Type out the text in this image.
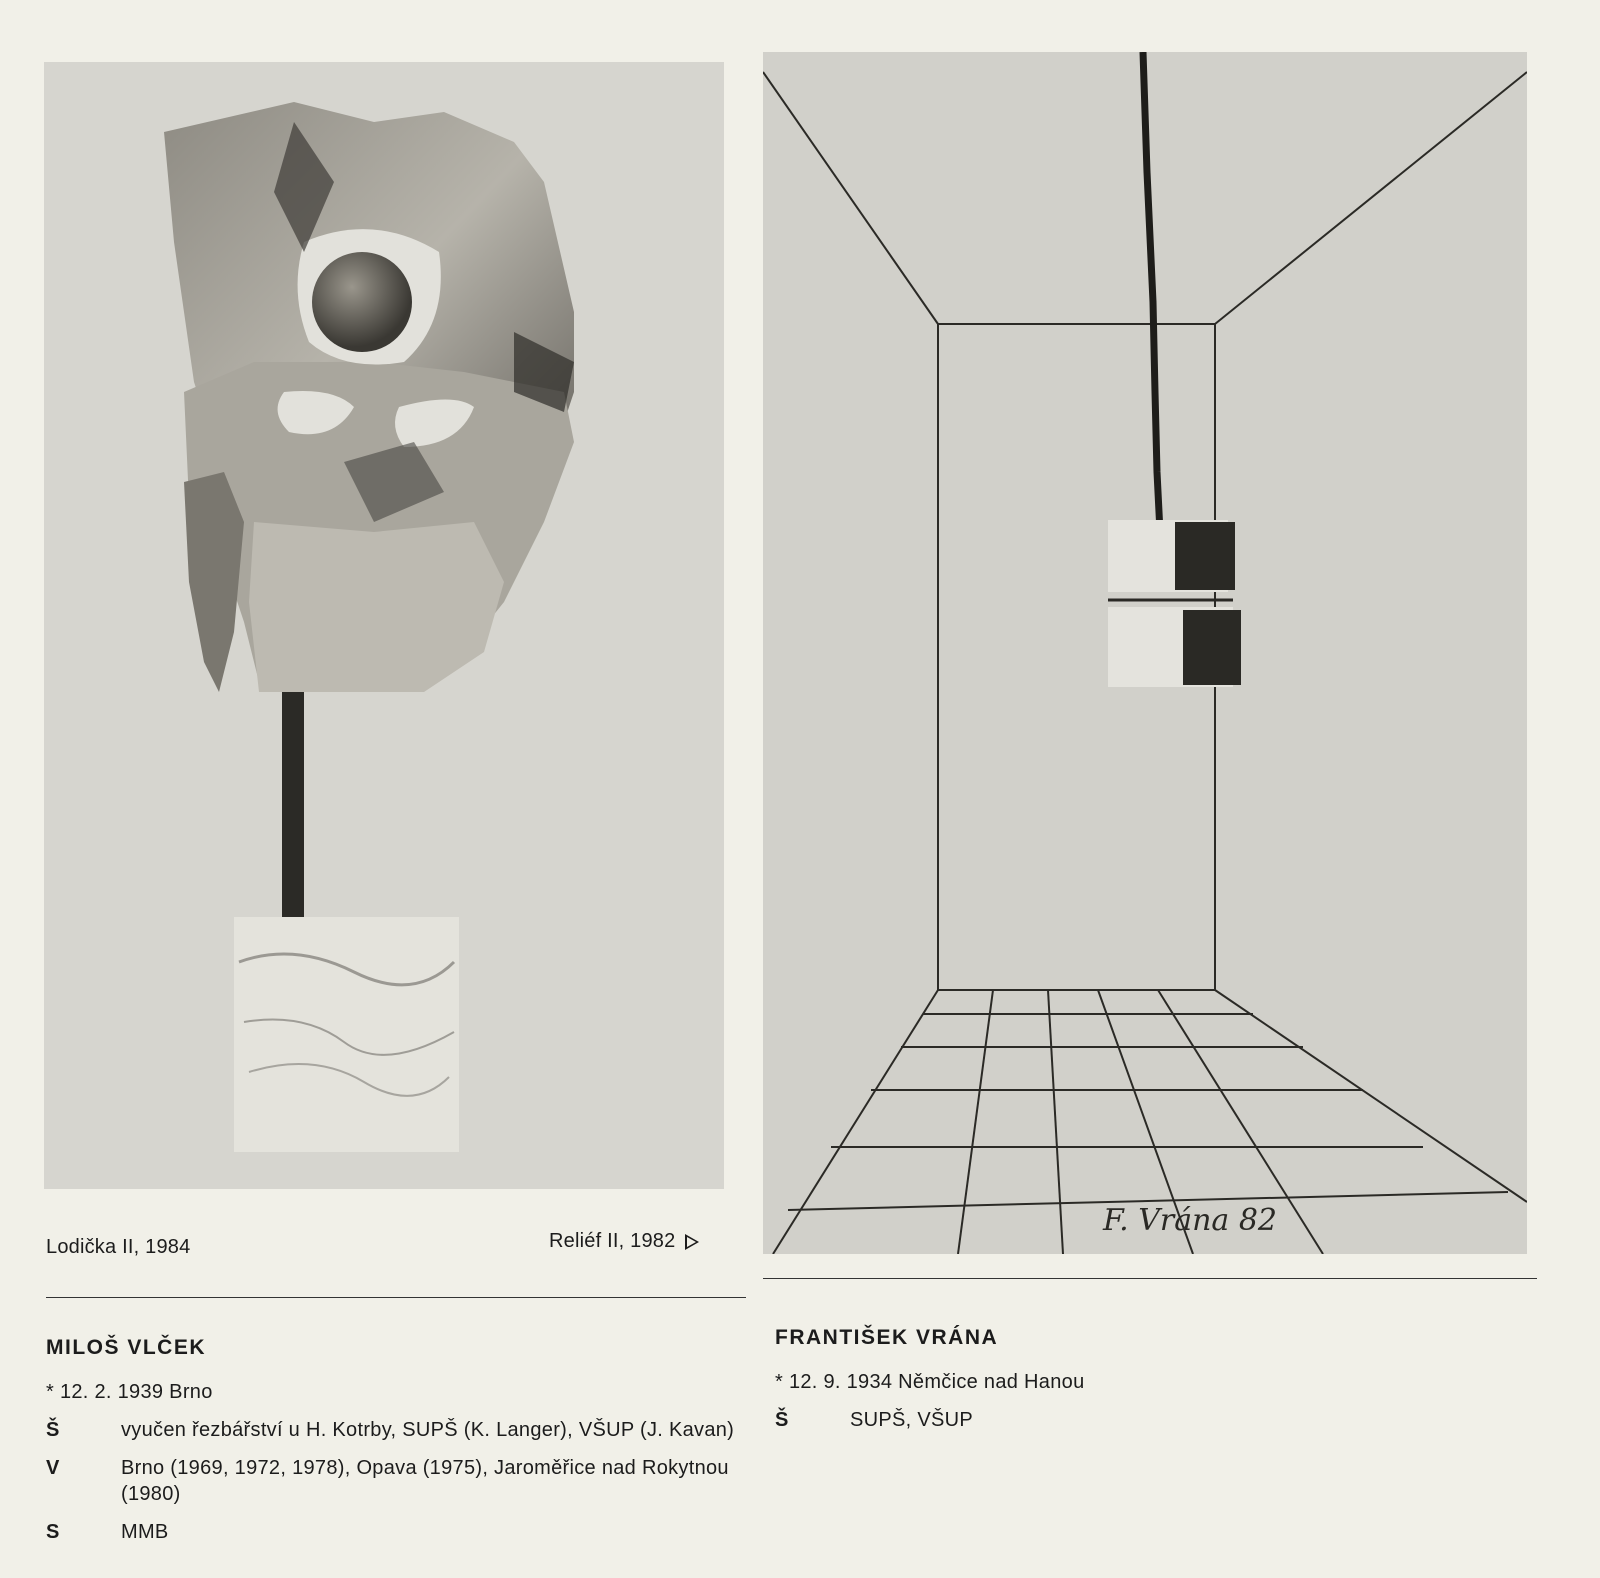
Lodička II, 1984
F. Vrána 82
Reliéf II, 1982
MILOŠ VLČEK
* 12. 2. 1939 Brno
Š	vyučen řezbářství u H. Kotrby, SUPŠ (K. Langer), VŠUP (J. Kavan)
V	Brno (1969, 1972, 1978), Opava (1975), Jaroměřice nad Rokytnou (1980)
S	MMB
FRANTIŠEK VRÁNA
* 12. 9. 1934 Němčice nad Hanou
Š	SUPŠ, VŠUP
